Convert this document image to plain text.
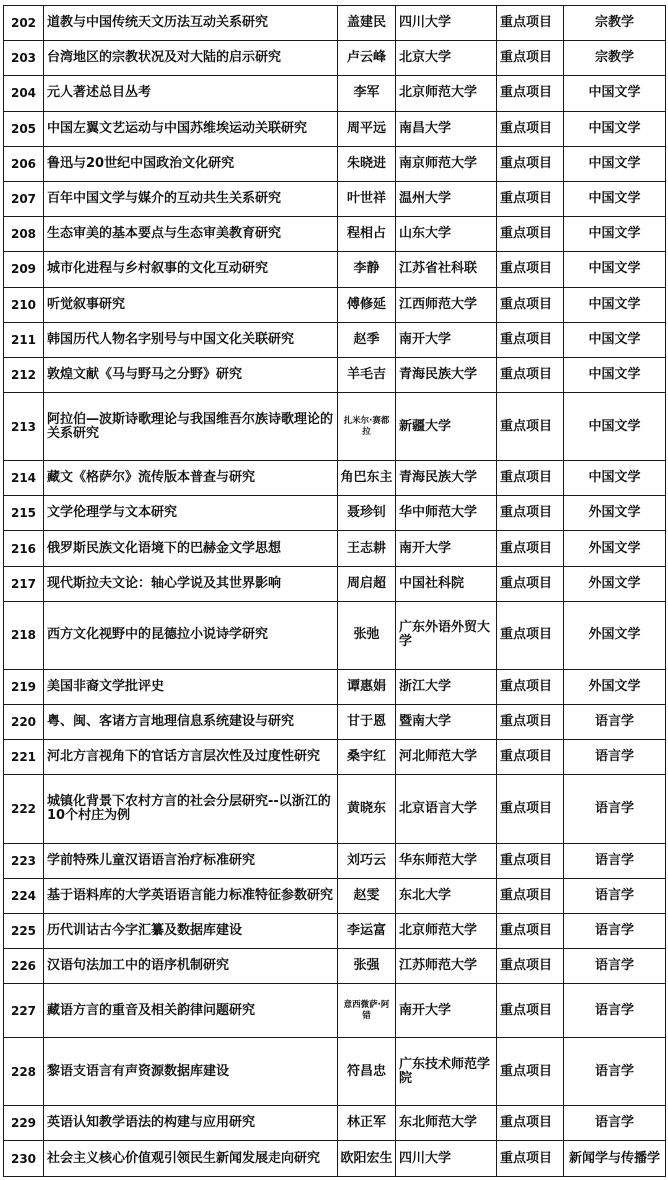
202	道教与中国传统天文历法互动关系研究	盖建民	四川大学	重点项目	宗教学
203	台湾地区的宗教状况及对大陆的启示研究	卢云峰	北京大学	重点项目	宗教学
204	元人著述总目丛考	李军	北京师范大学	重点项目	中国文学
205	中国左翼文艺运动与中国苏维埃运动关联研究	周平远	南昌大学	重点项目	中国文学
206	鲁迅与20世纪中国政治文化研究	朱晓进	南京师范大学	重点项目	中国文学
207	百年中国文学与媒介的互动共生关系研究	叶世祥	温州大学	重点项目	中国文学
208	生态审美的基本要点与生态审美教育研究	程相占	山东大学	重点项目	中国文学
209	城市化进程与乡村叙事的文化互动研究	李静	江苏省社科联	重点项目	中国文学
210	听觉叙事研究	傅修延	江西师范大学	重点项目	中国文学
211	韩国历代人物名字别号与中国文化关联研究	赵季	南开大学	重点项目	中国文学
212	敦煌文献《马与野马之分野》研究	羊毛吉	青海民族大学	重点项目	中国文学
213	阿拉伯—波斯诗歌理论与我国维吾尔族诗歌理论的关系研究	扎米尔·赛都拉	新疆大学	重点项目	中国文学
214	藏文《格萨尔》流传版本普查与研究	角巴东主	青海民族大学	重点项目	中国文学
215	文学伦理学与文本研究	聂珍钊	华中师范大学	重点项目	外国文学
216	俄罗斯民族文化语境下的巴赫金文学思想	王志耕	南开大学	重点项目	外国文学
217	现代斯拉夫文论：轴心学说及其世界影响	周启超	中国社科院	重点项目	外国文学
218	西方文化视野中的昆德拉小说诗学研究	张弛	广东外语外贸大学	重点项目	外国文学
219	美国非裔文学批评史	谭惠娟	浙江大学	重点项目	外国文学
220	粤、闽、客诸方言地理信息系统建设与研究	甘于恩	暨南大学	重点项目	语言学
221	河北方言视角下的官话方言层次性及过度性研究	桑宇红	河北师范大学	重点项目	语言学
222	城镇化背景下农村方言的社会分层研究--以浙江的10个村庄为例	黄晓东	北京语言大学	重点项目	语言学
223	学前特殊儿童汉语语言治疗标准研究	刘巧云	华东师范大学	重点项目	语言学
224	基于语料库的大学英语语言能力标准特征参数研究	赵雯	东北大学	重点项目	语言学
225	历代训诂古今字汇纂及数据库建设	李运富	北京师范大学	重点项目	语言学
226	汉语句法加工中的语序机制研究	张强	江苏师范大学	重点项目	语言学
227	藏语方言的重音及相关韵律问题研究	意西微萨·阿错	南开大学	重点项目	语言学
228	黎语支语言有声资源数据库建设	符昌忠	广东技术师范学院	重点项目	语言学
229	英语认知教学语法的构建与应用研究	林正军	东北师范大学	重点项目	语言学
230	社会主义核心价值观引领民生新闻发展走向研究	欧阳宏生	四川大学	重点项目	新闻学与传播学
